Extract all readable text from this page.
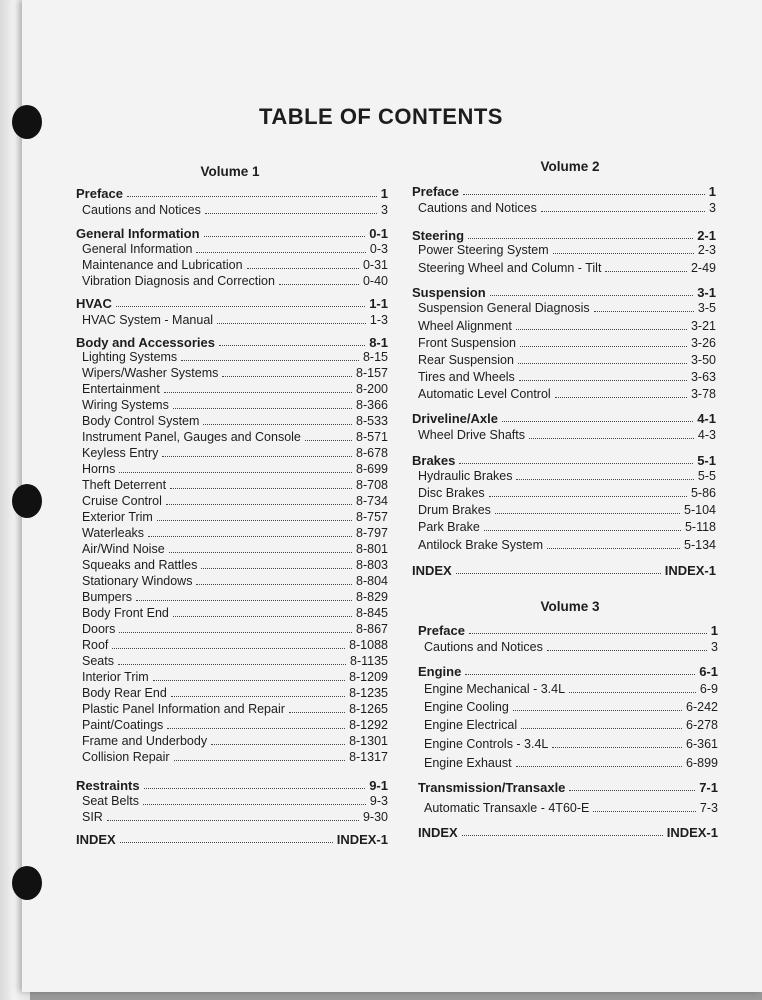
TABLE OF CONTENTS
Volume 1
Preface	1
Cautions and Notices	3
General Information	0-1
General Information	0-3
Maintenance and Lubrication	0-31
Vibration Diagnosis and Correction	0-40
HVAC	1-1
HVAC System - Manual	1-3
Body and Accessories	8-1
Lighting Systems	8-15
Wipers/Washer Systems	8-157
Entertainment	8-200
Wiring Systems	8-366
Body Control System	8-533
Instrument Panel, Gauges and Console	8-571
Keyless Entry	8-678
Horns	8-699
Theft Deterrent	8-708
Cruise Control	8-734
Exterior Trim	8-757
Waterleaks	8-797
Air/Wind Noise	8-801
Squeaks and Rattles	8-803
Stationary Windows	8-804
Bumpers	8-829
Body Front End	8-845
Doors	8-867
Roof	8-1088
Seats	8-1135
Interior Trim	8-1209
Body Rear End	8-1235
Plastic Panel Information and Repair	8-1265
Paint/Coatings	8-1292
Frame and Underbody	8-1301
Collision Repair	8-1317
Restraints	9-1
Seat Belts	9-3
SIR	9-30
INDEX	INDEX-1
Volume 2
Preface	1
Cautions and Notices	3
Steering	2-1
Power Steering System	2-3
Steering Wheel and Column - Tilt	2-49
Suspension	3-1
Suspension General Diagnosis	3-5
Wheel Alignment	3-21
Front Suspension	3-26
Rear Suspension	3-50
Tires and Wheels	3-63
Automatic Level Control	3-78
Driveline/Axle	4-1
Wheel Drive Shafts	4-3
Brakes	5-1
Hydraulic Brakes	5-5
Disc Brakes	5-86
Drum Brakes	5-104
Park Brake	5-118
Antilock Brake System	5-134
INDEX	INDEX-1
Volume 3
Preface	1
Cautions and Notices	3
Engine	6-1
Engine Mechanical - 3.4L	6-9
Engine Cooling	6-242
Engine Electrical	6-278
Engine Controls - 3.4L	6-361
Engine Exhaust	6-899
Transmission/Transaxle	7-1
Automatic Transaxle - 4T60-E	7-3
INDEX	INDEX-1
